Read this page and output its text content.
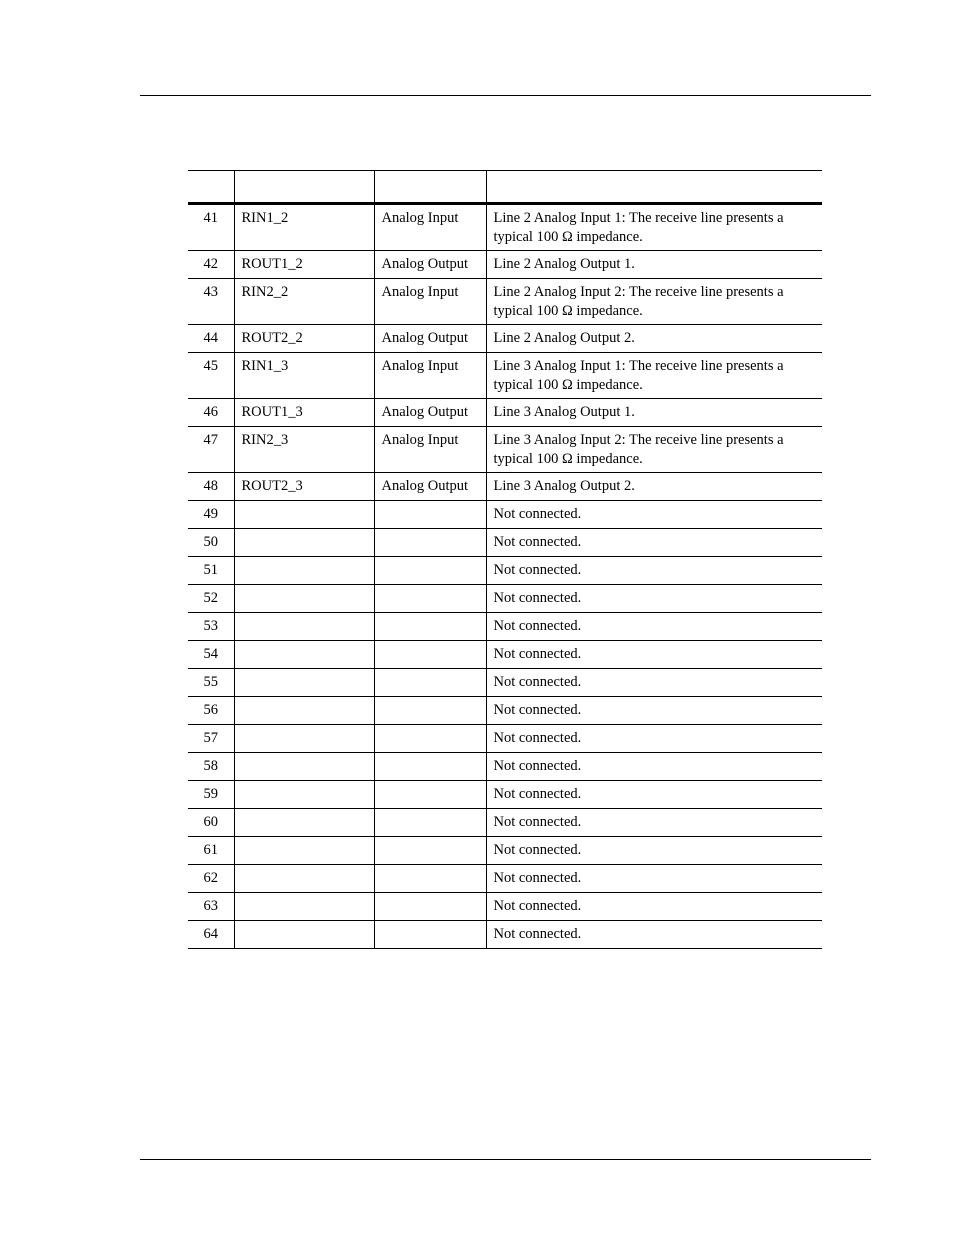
41	RIN1_2	Analog Input	Line 2 Analog Input 1: The receive line presents a typical 100 Ω impedance.
42	ROUT1_2	Analog Output	Line 2 Analog Output 1.
43	RIN2_2	Analog Input	Line 2 Analog Input 2: The receive line presents a typical 100 Ω impedance.
44	ROUT2_2	Analog Output	Line 2 Analog Output 2.
45	RIN1_3	Analog Input	Line 3 Analog Input 1: The receive line presents a typical 100 Ω impedance.
46	ROUT1_3	Analog Output	Line 3 Analog Output 1.
47	RIN2_3	Analog Input	Line 3 Analog Input 2: The receive line presents a typical 100 Ω impedance.
48	ROUT2_3	Analog Output	Line 3 Analog Output 2.
49			Not connected.
50			Not connected.
51			Not connected.
52			Not connected.
53			Not connected.
54			Not connected.
55			Not connected.
56			Not connected.
57			Not connected.
58			Not connected.
59			Not connected.
60			Not connected.
61			Not connected.
62			Not connected.
63			Not connected.
64			Not connected.
